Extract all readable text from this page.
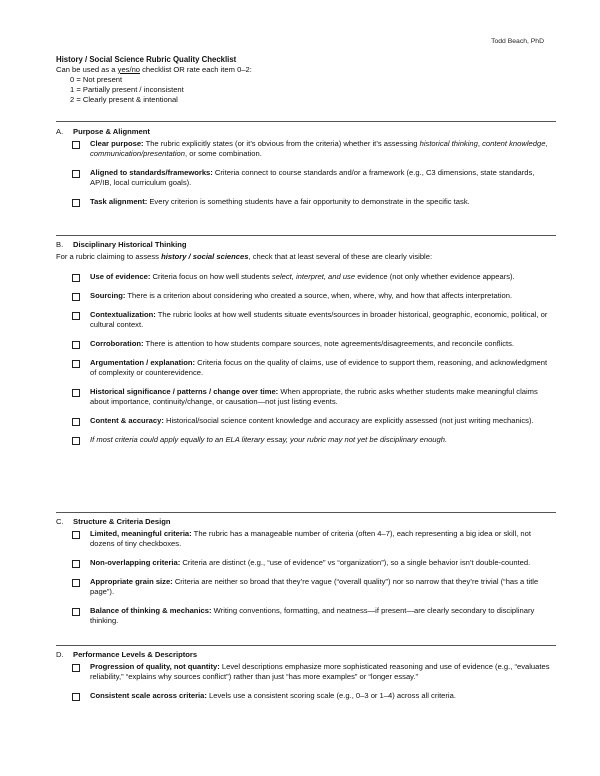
Todd Beach, PhD
History / Social Science Rubric Quality Checklist
Can be used as a yes/no checklist OR rate each item 0–2:
0 = Not present
1 = Partially present / inconsistent
2 = Clearly present & intentional
A.	Purpose & Alignment
Clear purpose: The rubric explicitly states (or it’s obvious from the criteria) whether it’s assessing historical thinking, content knowledge, communication/presentation, or some combination.
Aligned to standards/frameworks: Criteria connect to course standards and/or a framework (e.g., C3 dimensions, state standards, AP/IB, local curriculum goals).
Task alignment: Every criterion is something students have a fair opportunity to demonstrate in the specific task.
B.	Disciplinary Historical Thinking
For a rubric claiming to assess history / social sciences, check that at least several of these are clearly visible:
Use of evidence: Criteria focus on how well students select, interpret, and use evidence (not only whether evidence appears).
Sourcing: There is a criterion about considering who created a source, when, where, why, and how that affects interpretation.
Contextualization: The rubric looks at how well students situate events/sources in broader historical, geographic, economic, political, or cultural context.
Corroboration: There is attention to how students compare sources, note agreements/disagreements, and reconcile conflicts.
Argumentation / explanation: Criteria focus on the quality of claims, use of evidence to support them, reasoning, and acknowledgment of complexity or counterevidence.
Historical significance / patterns / change over time: When appropriate, the rubric asks whether students make meaningful claims about importance, continuity/change, or causation—not just listing events.
Content & accuracy: Historical/social science content knowledge and accuracy are explicitly assessed (not just writing mechanics).
If most criteria could apply equally to an ELA literary essay, your rubric may not yet be disciplinary enough.
C.	Structure & Criteria Design
Limited, meaningful criteria: The rubric has a manageable number of criteria (often 4–7), each representing a big idea or skill, not dozens of tiny checkboxes.
Non-overlapping criteria: Criteria are distinct (e.g., “use of evidence” vs “organization”), so a single behavior isn’t double-counted.
Appropriate grain size: Criteria are neither so broad that they’re vague (“overall quality”) nor so narrow that they’re trivial (“has a title page”).
Balance of thinking & mechanics: Writing conventions, formatting, and neatness—if present—are clearly secondary to disciplinary thinking.
D.	Performance Levels & Descriptors
Progression of quality, not quantity: Level descriptions emphasize more sophisticated reasoning and use of evidence (e.g., “evaluates reliability,” “explains why sources conflict”) rather than just “has more examples” or “longer essay.”
Consistent scale across criteria: Levels use a consistent scoring scale (e.g., 0–3 or 1–4) across all criteria.
